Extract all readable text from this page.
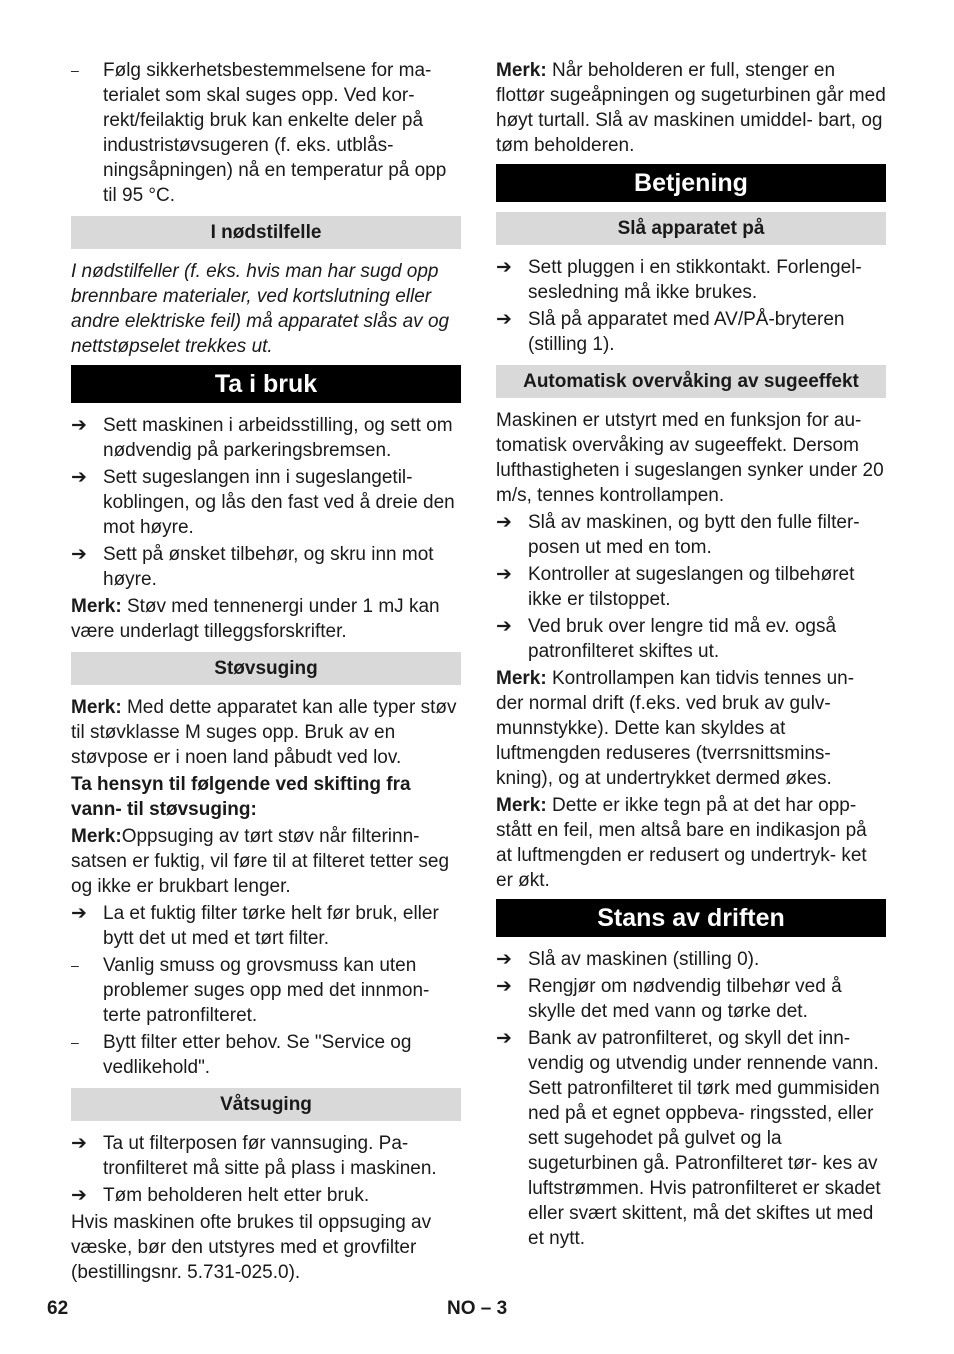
–	Følg sikkerhetsbestemmelsene for ma- terialet som skal suges opp. Ved kor- rekt/feilaktig bruk kan enkelte deler på industristøvsugeren (f. eks. utblås- ningsåpningen) nå en temperatur på opp til 95 °C.
I nødstilfelle

I nødstilfeller (f. eks. hvis man har sugd opp brennbare materialer, ved kortslutning eller andre elektriske feil) må apparatet slås av og nettstøpselet trekkes ut.

Ta i bruk
➔ Sett maskinen i arbeidsstilling, og sett om nødvendig på parkeringsbremsen.
➔ Sett sugeslangen inn i sugeslangetil- koblingen, og lås den fast ved å dreie den mot høyre.
➔ Sett på ønsket tilbehør, og skru inn mot høyre.

Merk: Støv med tennenergi under 1 mJ kan være underlagt tilleggsforskrifter.

Støvsuging

Merk: Med dette apparatet kan alle typer støv til støvklasse M suges opp. Bruk av en støvpose er i noen land påbudt ved lov.

Ta hensyn til følgende ved skifting fra vann- til støvsuging:

Merk:Oppsuging av tørt støv når filterinn- satsen er fuktig, vil føre til at filteret tetter seg og ikke er brukbart lenger.

➔ La et fuktig filter tørke helt før bruk, eller bytt det ut med et tørt filter.
–	Vanlig smuss og grovsmuss kan uten problemer suges opp med det innmon- terte patronfilteret.
–	Bytt filter etter behov. Se "Service og vedlikehold".
Våtsuging
➔ Ta ut filterposen før vannsuging. Pa- tronfilteret må sitte på plass i maskinen.
➔ Tøm beholderen helt etter bruk.

Hvis maskinen ofte brukes til oppsuging av væske, bør den utstyres med et grovfilter (bestillingsnr. 5.731-025.0).

Merk: Når beholderen er full, stenger en flottør sugeåpningen og sugeturbinen går med høyt turtall. Slå av maskinen umiddel- bart, og tøm beholderen.

Betjening
Slå apparatet på
➔ Sett pluggen i en stikkontakt. Forlengel- sesledning må ikke brukes.
➔ Slå på apparatet med AV/PÅ-bryteren (stilling 1).
Automatisk overvåking av sugeeffekt

Maskinen er utstyrt med en funksjon for au- tomatisk overvåking av sugeeffekt. Dersom lufthastigheten i sugeslangen synker under 20 m/s, tennes kontrollampen.

➔ Slå av maskinen, og bytt den fulle filter- posen ut med en tom.
➔ Kontroller at sugeslangen og tilbehøret ikke er tilstoppet.
➔ Ved bruk over lengre tid må ev. også patronfilteret skiftes ut.

Merk: Kontrollampen kan tidvis tennes un- der normal drift (f.eks. ved bruk av gulv- munnstykke). Dette kan skyldes at luftmengden reduseres (tverrsnittsmins- kning), og at undertrykket dermed økes.

Merk: Dette er ikke tegn på at det har opp- stått en feil, men altså bare en indikasjon på at luftmengden er redusert og undertryk- ket er økt.

Stans av driften
➔ Slå av maskinen (stilling 0).
➔ Rengjør om nødvendig tilbehør ved å skylle det med vann og tørke det.
➔ Bank av patronfilteret, og skyll det inn- vendig og utvendig under rennende vann. Sett patronfilteret til tørk med gummisiden ned på et egnet oppbeva- ringssted, eller sett sugehodet på gulvet og la sugeturbinen gå. Patronfilteret tør- kes av luftstrømmen. Hvis patronfilteret er skadet eller svært skittent, må det skiftes ut med et nytt.
62	NO – 3
